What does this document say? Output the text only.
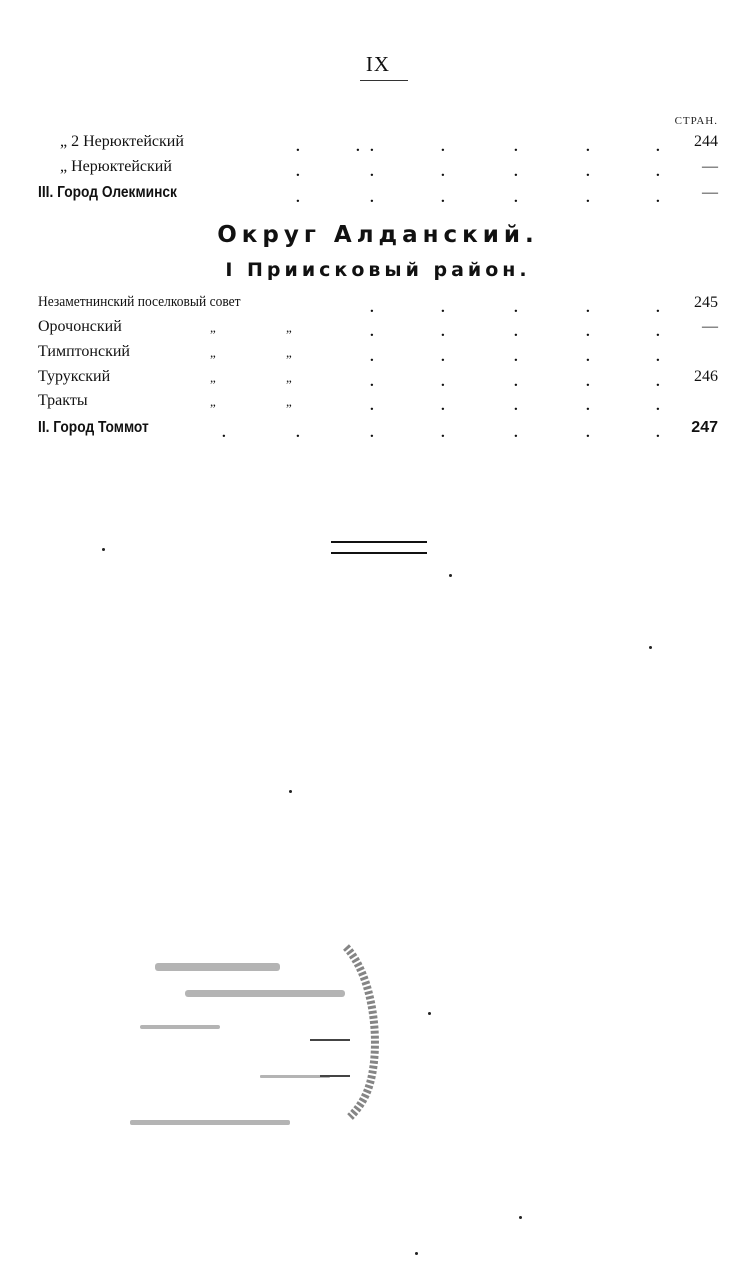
IX
СТРАН.
„ 2 Нерюктейский	.	. .	.	.	.	. 244
„ Нерюктейский	.	.	.	.	.	.	—
III. Город Олекминск	.	.	.	.	.	.	—
Округ Алданский.
I Приисковый район.
Незаметнинский поселковый совет	.	.	.	.	. 245
Орочонский	„	„	.	.	.	.	.	—
Тимптонский	„	„	.	.	.	.	.
Турукский	„	„	.	.	.	.	. 246
Тракты	„	„	.	.	.	.	.
II. Город Томмот	.	.	.	.	.	.	. 247
